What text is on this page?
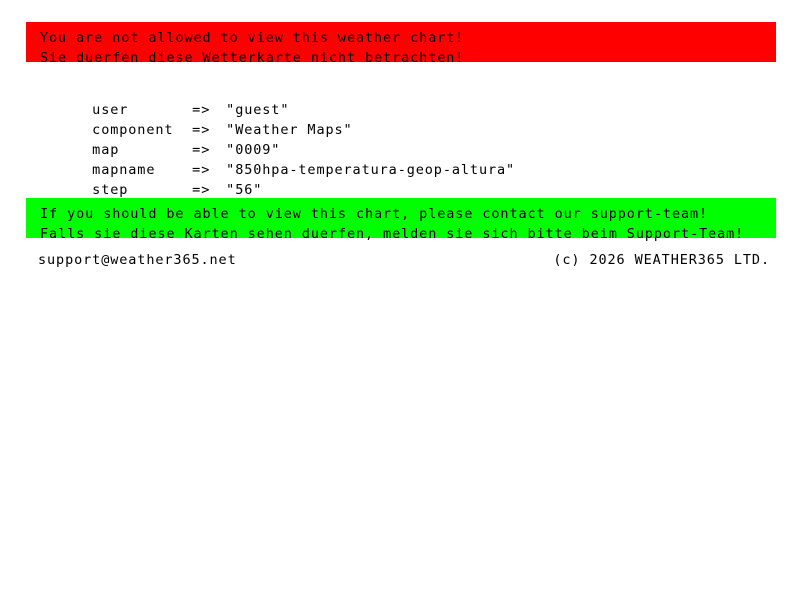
You are not allowed to view this weather chart!
Sie duerfen diese Wetterkarte nicht betrachten!

user	=> "guest"

component => "Weather Maps"

map	=> "0009"

mapname	=> "850hpa-temperatura-geop-altura"

step	=> "56"

If you should be able to view this chart, please contact our support-team!
Falls sie diese Karten sehen duerfen, melden sie sich bitte beim Support-Team!
support@weather365.net	(c) 2026 WEATHER365 LTD.
